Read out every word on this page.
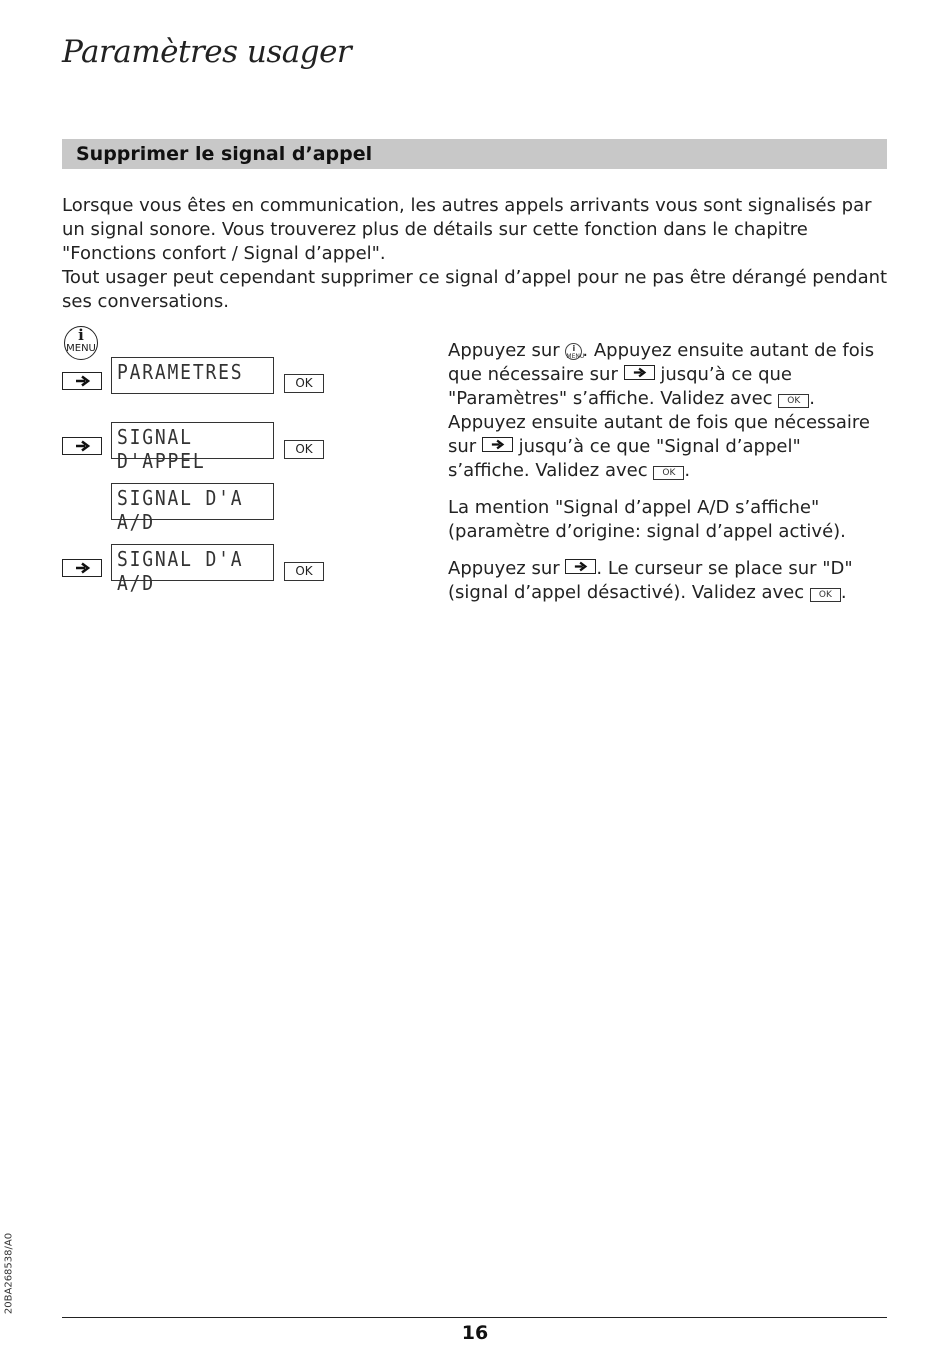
Paramètres usager
Supprimer le signal d’appel

Lorsque vous êtes en communication, les autres appels arrivants vous sont signalisés par un signal sonore. Vous trouverez plus de détails sur cette fonction dans le chapitre "Fonctions confort / Signal d’appel".

Tout usager peut cependant supprimer ce signal d’appel pour ne pas être dérangé pendant ses conversations.

i
MENU
PARAMETRES	OK
SIGNAL D'APPEL	OK
SIGNAL D'A A/D
SIGNAL D'A A/D	OK

Appuyez sur i
MENU. Appuyez ensuite autant de fois que nécessaire sur
jusqu’à ce que "Paramètres" s’affiche. Validez avec OK . Appuyez ensuite autant de fois que nécessaire sur
jusqu’à ce que "Signal d’appel" s’affiche. Validez avec OK .

La mention "Signal d’appel A/D s’affiche" (paramètre d’origine: signal d’appel activé).

Appuyez sur
. Le curseur se place sur "D" (signal d’appel désactivé). Validez avec OK .

20BA268538/A0
16
